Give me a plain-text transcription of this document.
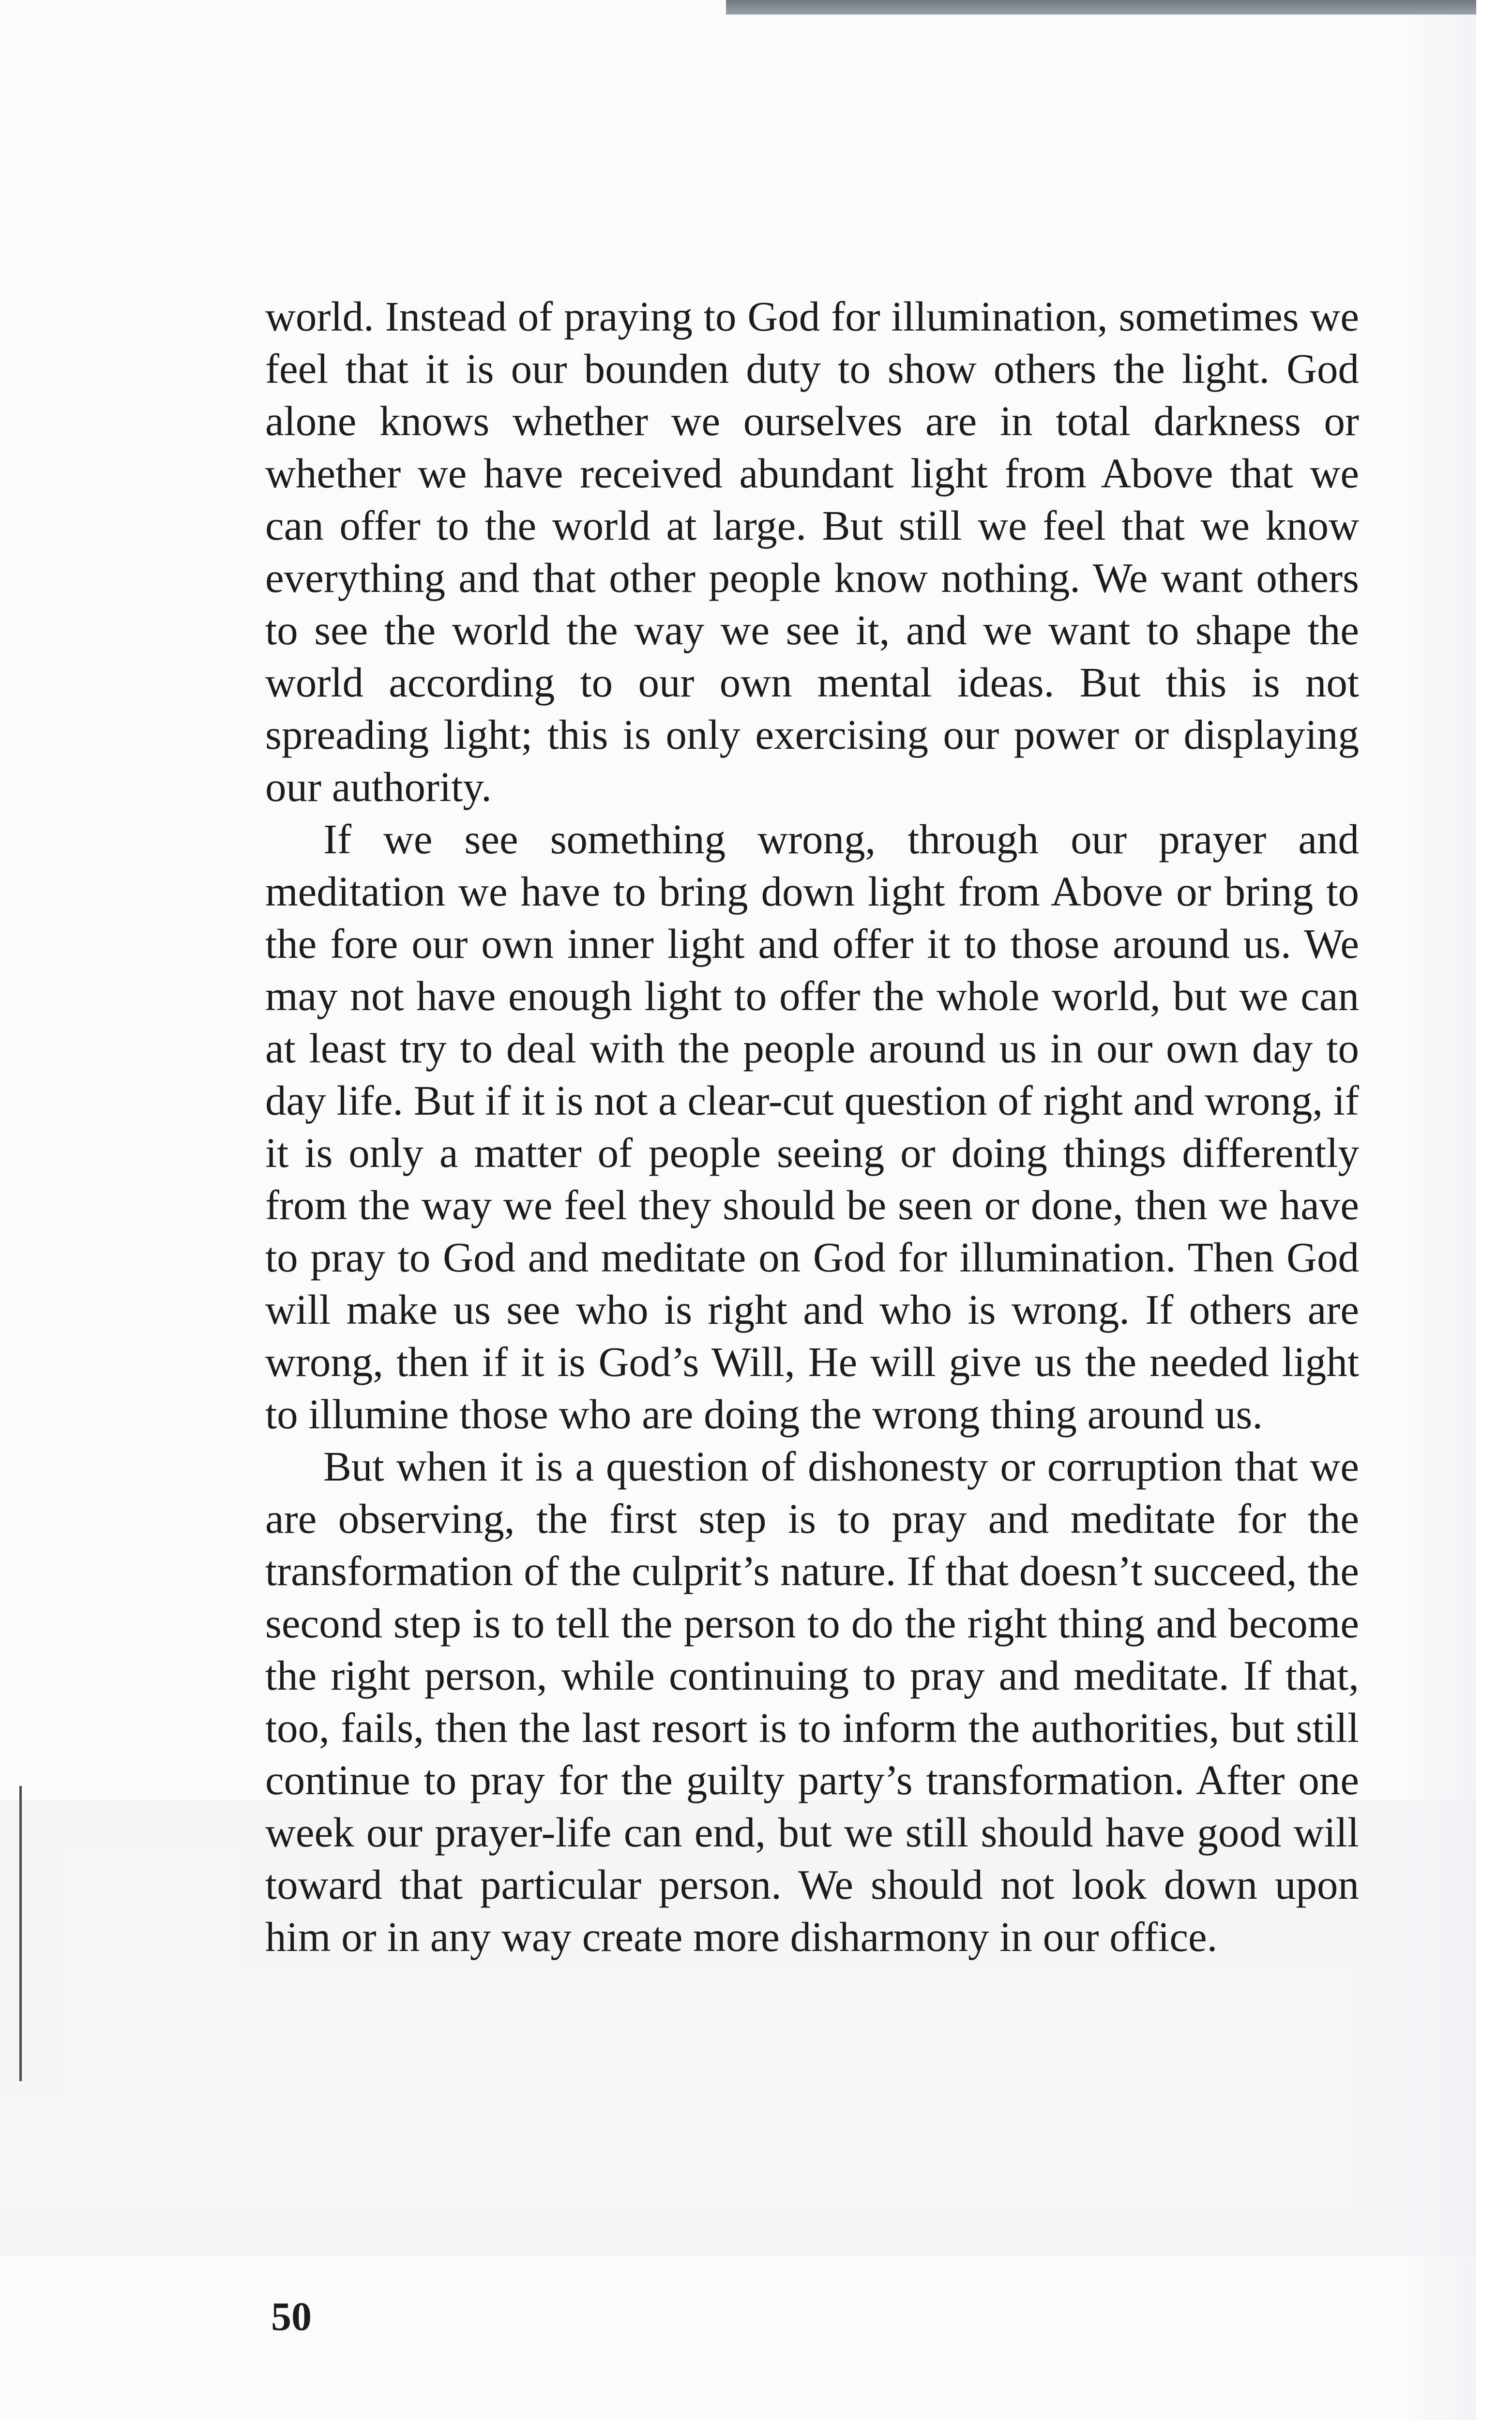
world. Instead of praying to God for illumination, sometimes we feel that it is our bounden duty to show others the light. God alone knows whether we ourselves are in total darkness or whether we have received abundant light from Above that we can offer to the world at large. But still we feel that we know everything and that other people know nothing. We want others to see the world the way we see it, and we want to shape the world according to our own mental ideas. But this is not spreading light; this is only exercising our power or displaying our authority.

If we see something wrong, through our prayer and meditation we have to bring down light from Above or bring to the fore our own inner light and offer it to those around us. We may not have enough light to offer the whole world, but we can at least try to deal with the people around us in our own day to day life. But if it is not a clear-cut question of right and wrong, if it is only a matter of people seeing or doing things differently from the way we feel they should be seen or done, then we have to pray to God and meditate on God for illumination. Then God will make us see who is right and who is wrong. If others are wrong, then if it is God’s Will, He will give us the needed light to illumine those who are doing the wrong thing around us.

But when it is a question of dishonesty or corruption that we are observing, the first step is to pray and meditate for the transformation of the culprit’s nature. If that doesn’t succeed, the second step is to tell the person to do the right thing and become the right person, while continuing to pray and meditate. If that, too, fails, then the last resort is to inform the authorities, but still continue to pray for the guilty party’s transformation. After one week our prayer-life can end, but we still should have good will toward that particular person. We should not look down upon him or in any way create more disharmony in our office.

50
